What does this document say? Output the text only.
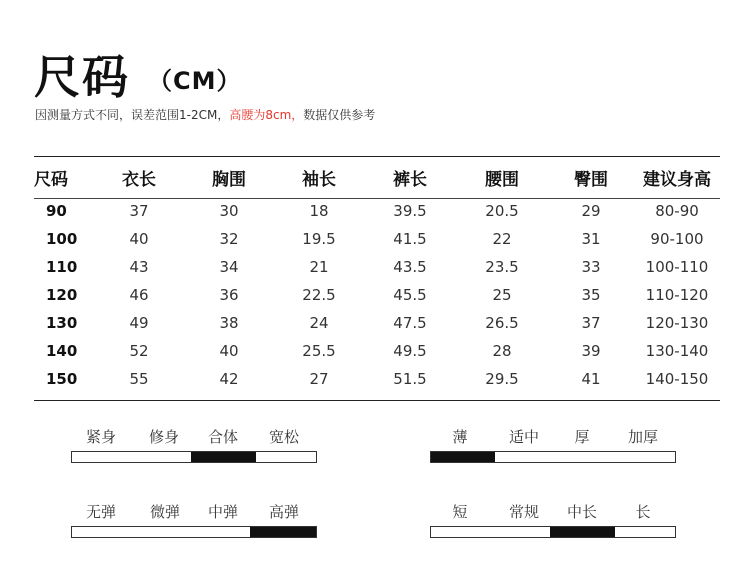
尺码 （CM）
因测量方式不同，误差范围1-2CM，高腰为8cm，数据仅供参考
尺码	衣长	胸围	袖长	裤长	腰围	臀围	建议身高
90	37	30	18	39.5	20.5	29	80-90
100	40	32	19.5	41.5	22	31	90-100
110	43	34	21	43.5	23.5	33	100-110
120	46	36	22.5	45.5	25	35	110-120
130	49	38	24	47.5	26.5	37	120-130
140	52	40	25.5	49.5	28	39	130-140
150	55	42	27	51.5	29.5	41	140-150
紧身	修身	合体	宽松	薄	适中	厚	加厚
无弹	微弹	中弹	高弹	短	常规	中长	长
